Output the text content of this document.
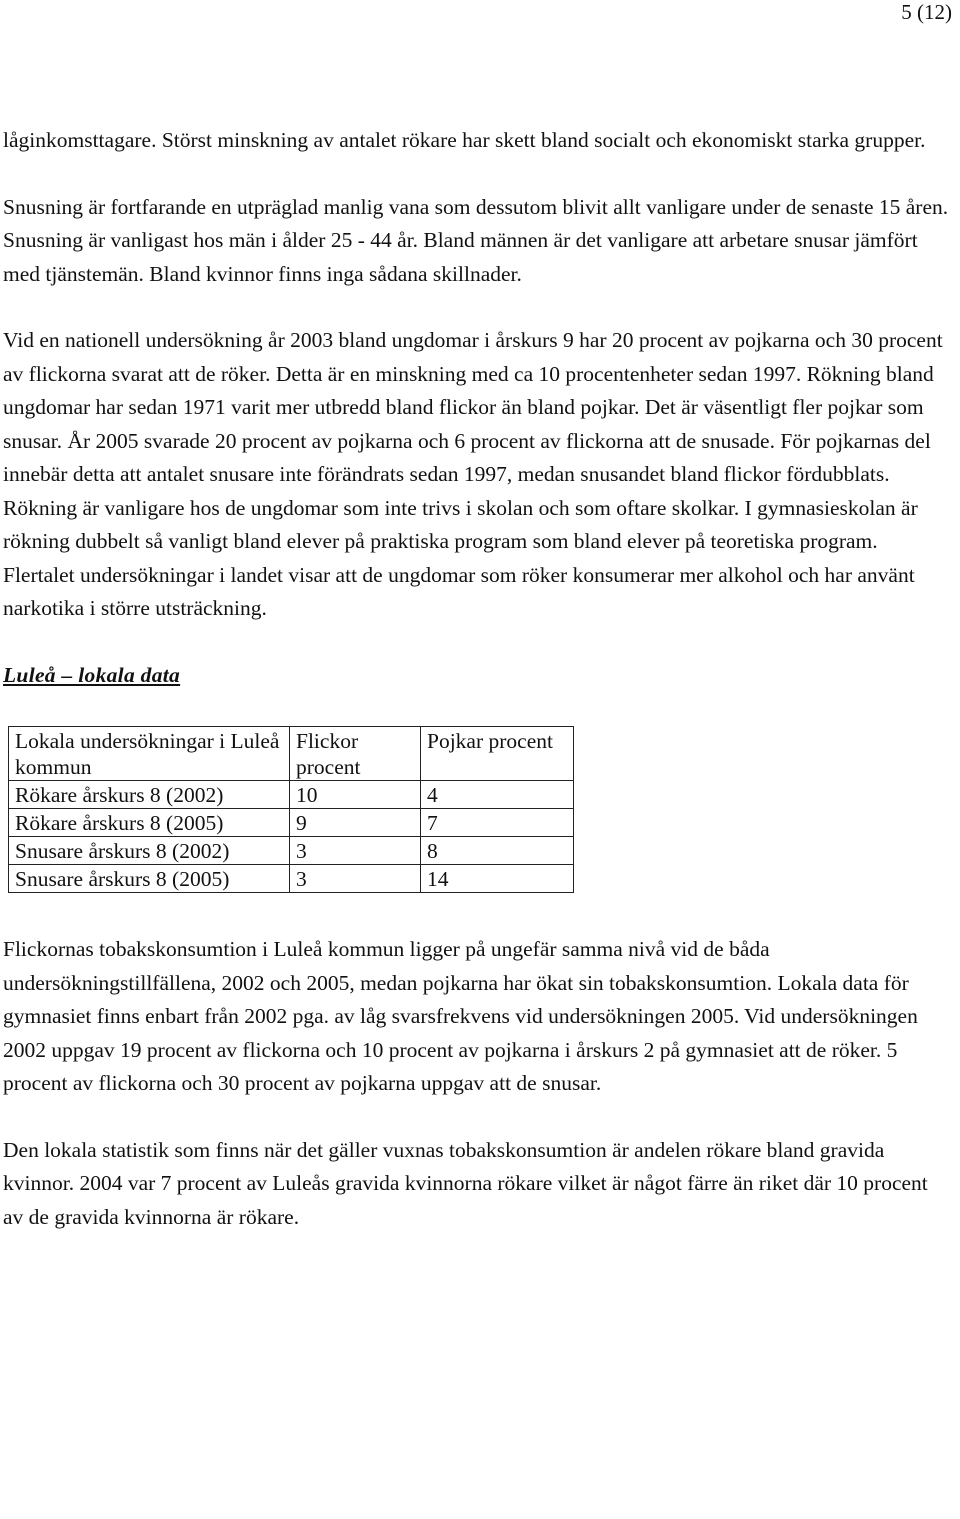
5 (12)

låginkomsttagare. Störst minskning av antalet rökare har skett bland socialt och ekonomiskt starka grupper.

Snusning är fortfarande en utpräglad manlig vana som dessutom blivit allt vanligare under de senaste 15 åren. Snusning är vanligast hos män i ålder 25 - 44 år. Bland männen är det vanligare att arbetare snusar jämfört med tjänstemän. Bland kvinnor finns inga sådana skillnader.

Vid en nationell undersökning år 2003 bland ungdomar i årskurs 9 har 20 procent av pojkarna och 30 procent av flickorna svarat att de röker. Detta är en minskning med ca 10 procentenheter sedan 1997. Rökning bland ungdomar har sedan 1971 varit mer utbredd bland flickor än bland pojkar. Det är väsentligt fler pojkar som snusar. År 2005 svarade 20 procent av pojkarna och 6 procent av flickorna att de snusade. För pojkarnas del innebär detta att antalet snusare inte förändrats sedan 1997, medan snusandet bland flickor fördubblats. Rökning är vanligare hos de ungdomar som inte trivs i skolan och som oftare skolkar. I gymnasieskolan är rökning dubbelt så vanligt bland elever på praktiska program som bland elever på teoretiska program. Flertalet undersökningar i landet visar att de ungdomar som röker konsumerar mer alkohol och har använt narkotika i större utsträckning.

Luleå – lokala data
Lokala undersökningar i Luleå kommun	Flickor procent	Pojkar procent
Rökare årskurs 8 (2002)	10	4
Rökare årskurs 8 (2005)	9	7
Snusare årskurs 8 (2002)	3	8
Snusare årskurs 8 (2005)	3	14

Flickornas tobakskonsumtion i Luleå kommun ligger på ungefär samma nivå vid de båda undersökningstillfällena, 2002 och 2005, medan pojkarna har ökat sin tobakskonsumtion. Lokala data för gymnasiet finns enbart från 2002 pga. av låg svarsfrekvens vid undersökningen 2005. Vid undersökningen 2002 uppgav 19 procent av flickorna och 10 procent av pojkarna i årskurs 2 på gymnasiet att de röker. 5 procent av flickorna och 30 procent av pojkarna uppgav att de snusar.

Den lokala statistik som finns när det gäller vuxnas tobakskonsumtion är andelen rökare bland gravida kvinnor. 2004 var 7 procent av Luleås gravida kvinnorna rökare vilket är något färre än riket där 10 procent av de gravida kvinnorna är rökare.
